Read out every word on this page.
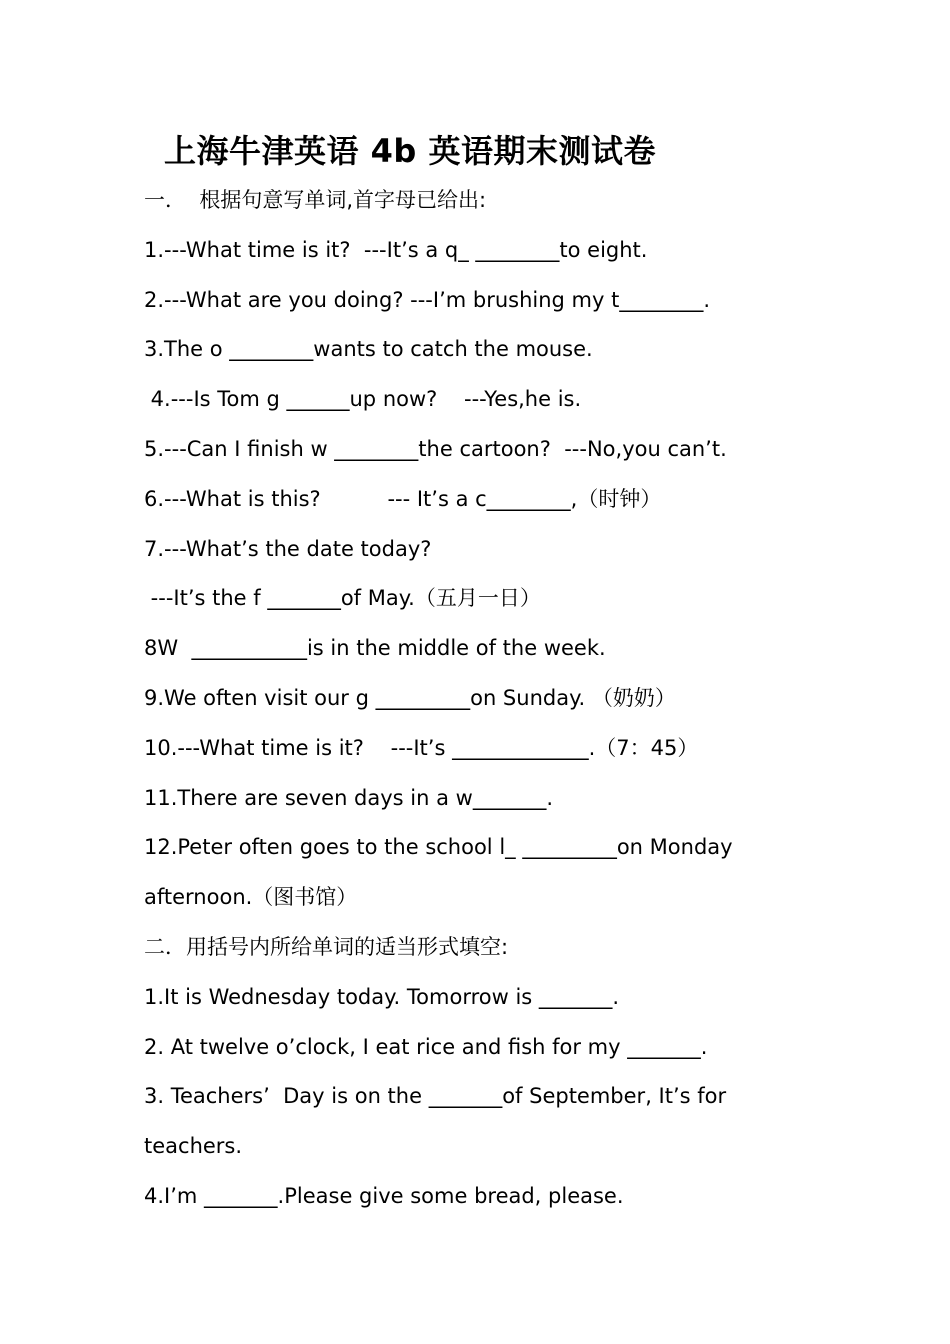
上海牛津英语 4b 英语期末测试卷
一．  根据句意写单词,首字母已给出:
1.---What time is it?  ---It’s a q_ ________to eight.
2.---What are you doing? ---I’m brushing my t________.
3.The o ________wants to catch the mouse.
4.---Is Tom g ______up now?    ---Yes,he is.
5.---Can I finish w ________the cartoon?  ---No,you can’t.
6.---What is this?          --- It’s a c________,（时钟）
7.---What’s the date today?
---It’s the f _______of May.（五月一日）
8W  ___________is in the middle of the week.
9.We often visit our g _________on Sunday. （奶奶）
10.---What time is it?    ---It’s _____________.（7：45）
11.There are seven days in a w_______.
12.Peter often goes to the school l_ _________on Monday
afternoon.（图书馆）
二．用括号内所给单词的适当形式填空:
1.It is Wednesday today. Tomorrow is _______.
2. At twelve o’clock, I eat rice and fish for my _______.
3. Teachers’  Day is on the _______of September, It’s for
teachers.
4.I’m _______.Please give some bread, please.
